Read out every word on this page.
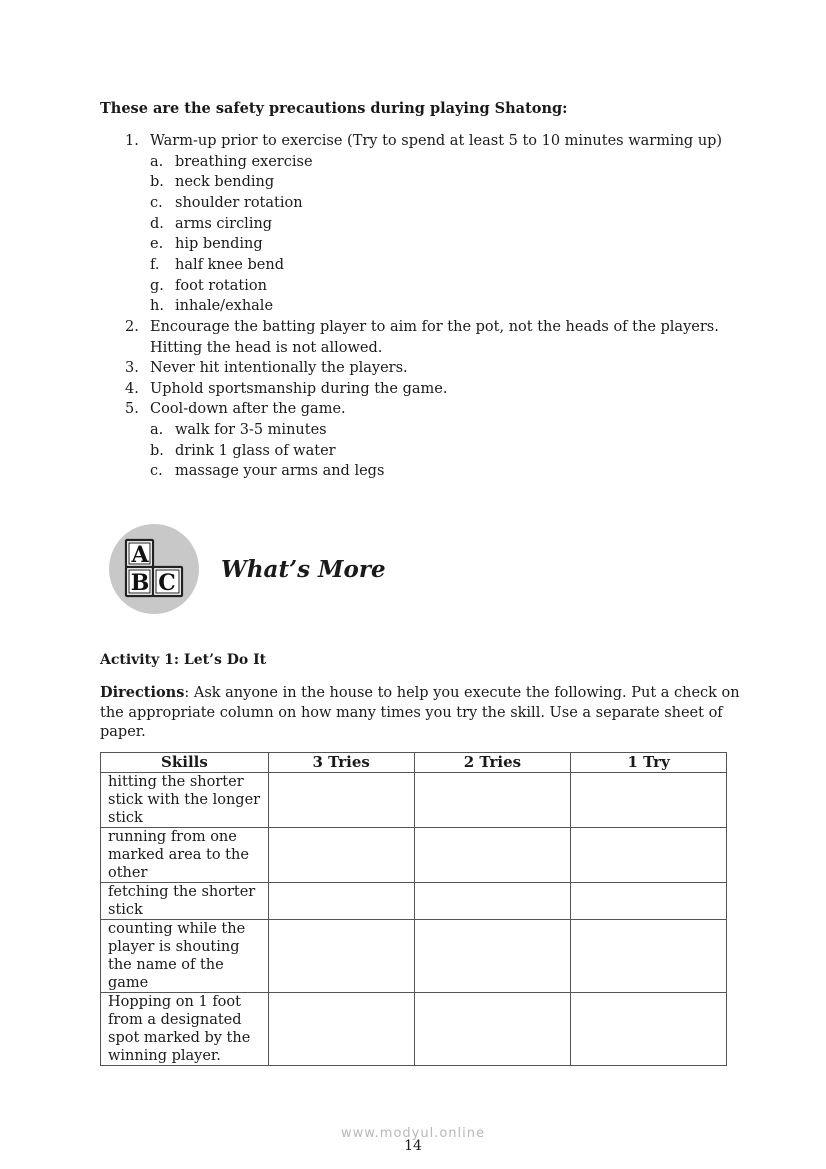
These are the safety precautions during playing Shatong:
1. Warm-up prior to exercise (Try to spend at least 5 to 10 minutes warming up)
a. breathing exercise
b. neck bending
c. shoulder rotation
d. arms circling
e. hip bending
f. half knee bend
g. foot rotation
h. inhale/exhale
2. Encourage the batting player to aim for the pot, not the heads of the players.
Hitting the head is not allowed.
3. Never hit intentionally the players.
4. Uphold sportsmanship during the game.
5. Cool-down after the game.
a. walk for 3-5 minutes
b. drink 1 glass of water
c. massage your arms and legs
A
B C What’s More
Activity 1: Let’s Do It
Directions: Ask anyone in the house to help you execute the following. Put a check on the appropriate column on how many times you try the skill. Use a separate sheet of paper.
Skills	3 Tries	2 Tries	1 Try
hitting the shorter stick with the longer stick			
running from one marked area to the other			
fetching the shorter stick			
counting while the player is shouting the name of the game			
Hopping on 1 foot from a designated spot marked by the winning player.			
www.modyul.online
14
